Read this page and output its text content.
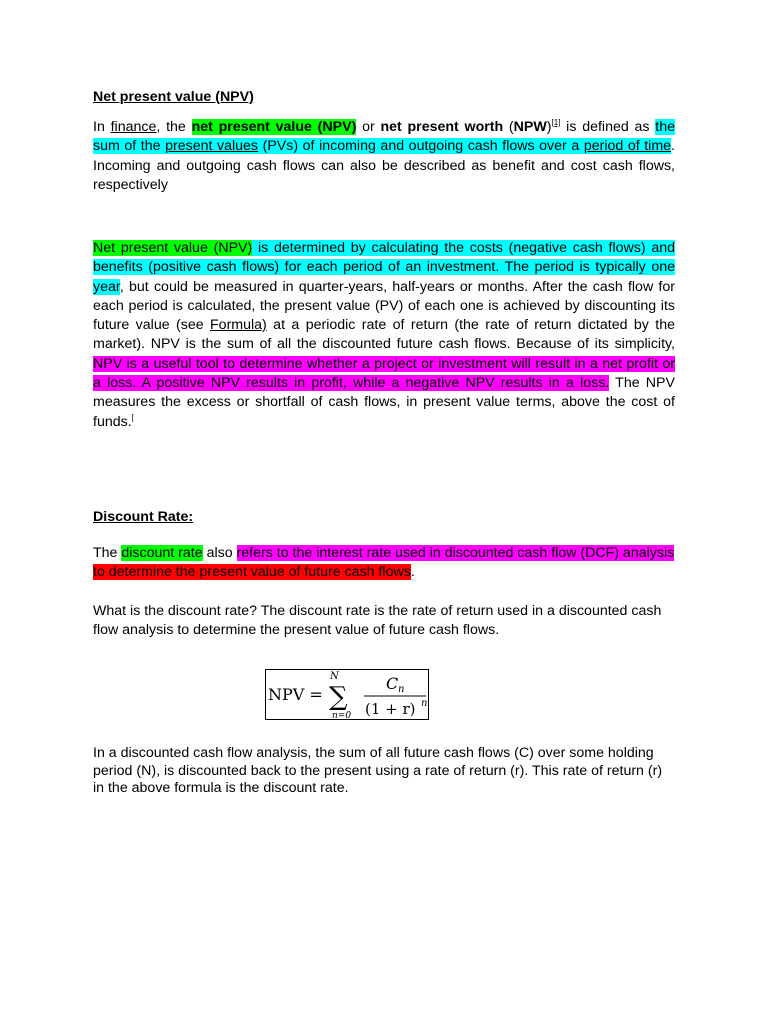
Net present value (NPV)

In finance, the net present value (NPV) or net present worth (NPW)[1] is defined as the sum of the present values (PVs) of incoming and outgoing cash flows over a period of time. Incoming and outgoing cash flows can also be described as benefit and cost cash flows, respectively

Net present value (NPV) is determined by calculating the costs (negative cash flows) and benefits (positive cash flows) for each period of an investment. The period is typically one year, but could be measured in quarter-years, half-years or months. After the cash flow for each period is calculated, the present value (PV) of each one is achieved by discounting its future value (see Formula) at a periodic rate of return (the rate of return dictated by the market). NPV is the sum of all the discounted future cash flows. Because of its simplicity, NPV is a useful tool to determine whether a project or investment will result in a net profit or a loss. A positive NPV results in profit, while a negative NPV results in a loss. The NPV measures the excess or shortfall of cash flows, in present value terms, above the cost of funds.[

Discount Rate:

The discount rate also refers to the interest rate used in discounted cash flow (DCF) analysis to determine the present value of future cash flows.

What is the discount rate? The discount rate is the rate of return used in a discounted cash flow analysis to determine the present value of future cash flows.

NPV =
N
∑
n=0
C n
(1 + r) n

In a discounted cash flow analysis, the sum of all future cash flows (C) over some holding period (N), is discounted back to the present using a rate of return (r). This rate of return (r) in the above formula is the discount rate.
